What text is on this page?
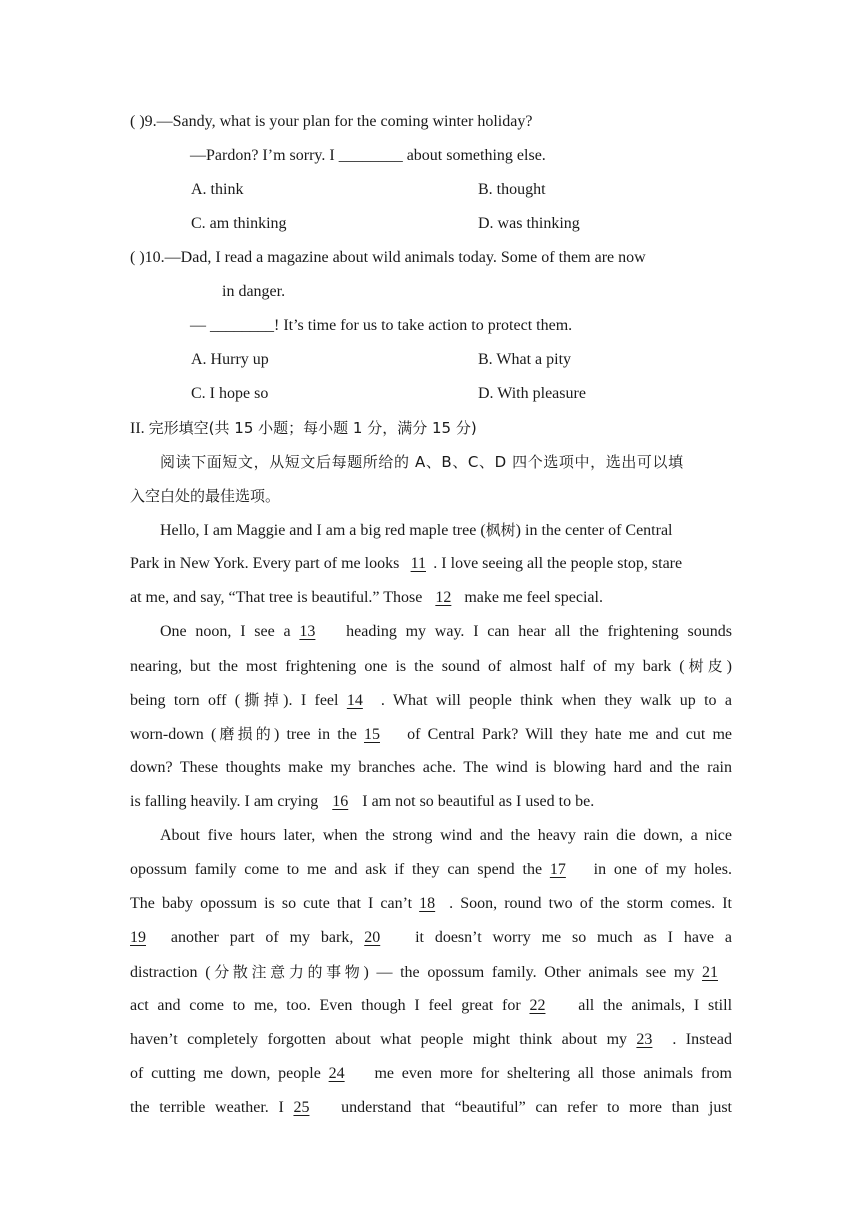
( )9.—Sandy, what is your plan for the coming winter holiday?
—Pardon? I’m sorry. I ________ about something else.
A. think	B. thought
C. am thinking	D. was thinking
( )10.—Dad, I read a magazine about wild animals today. Some of them are now
in danger.
— ________! It’s time for us to take action to protect them.
A. Hurry up	B. What a pity
C. I hope so	D. With pleasure
II. 完形填空(共 15 小题；每小题 1 分，满分 15 分)
阅读下面短文，从短文后每题所给的 A、B、C、D 四个选项中，选出可以填
入空白处的最佳选项。
Hello, I am Maggie and I am a big red maple tree (枫树) in the center of Central
Park in New York. Every part of me looks 11 . I love seeing all the people stop, stare
at me, and say, “That tree is beautiful.” Those 12 make me feel special.
One noon, I see a 13 heading my way. I can hear all the frightening sounds
nearing, but the most frightening one is the sound of almost half of my bark (树皮)
being torn off (撕掉). I feel 14 . What will people think when they walk up to a
worn-down (磨损的) tree in the 15 of Central Park? Will they hate me and cut me
down? These thoughts make my branches ache. The wind is blowing hard and the rain
is falling heavily. I am crying 16 I am not so beautiful as I used to be.
About five hours later, when the strong wind and the heavy rain die down, a nice
opossum family come to me and ask if they can spend the 17 in one of my holes.
The baby opossum is so cute that I can’t 18 . Soon, round two of the storm comes. It
19 another part of my bark, 20 it doesn’t worry me so much as I have a
distraction (分散注意力的事物) — the opossum family. Other animals see my 21
act and come to me, too. Even though I feel great for 22 all the animals, I still
haven’t completely forgotten about what people might think about my 23 . Instead
of cutting me down, people 24 me even more for sheltering all those animals from
the terrible weather. I 25 understand that “beautiful” can refer to more than just
